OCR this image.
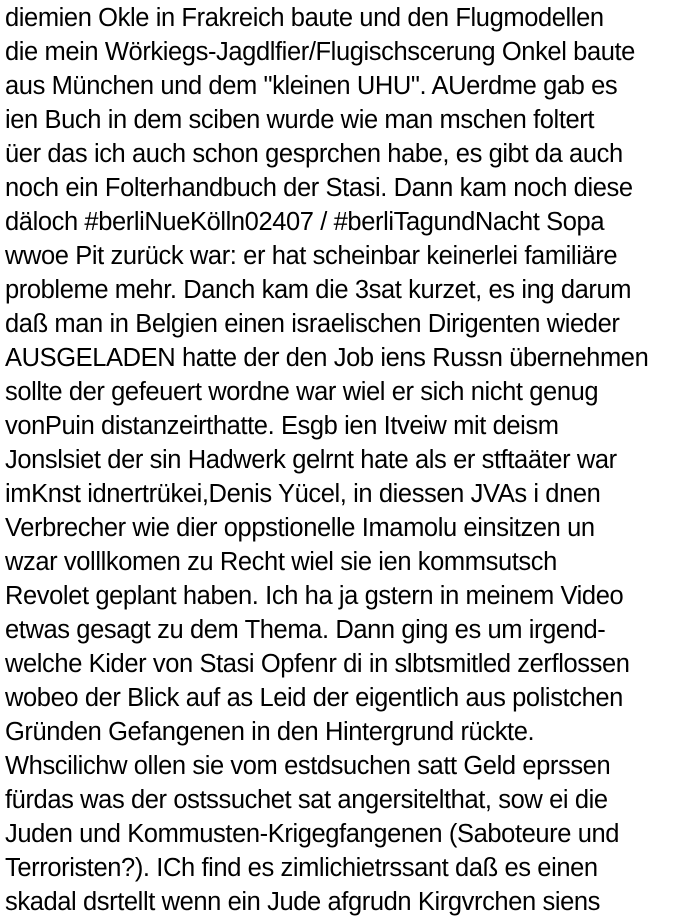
diemien Okle in Frakreich baute und den Flugmodellen
die mein Wörkiegs-Jagdlfier/Flugischscerung Onkel baute
aus München und dem "kleinen UHU". AUerdme gab es
ien Buch in dem sciben wurde wie man mschen foltert
üer das ich auch schon gesprchen habe, es gibt da auch
noch ein Folterhandbuch der Stasi. Dann kam noch diese
däloch #berliNueKölln02407 / #berliTagundNacht Sopa
wwoe Pit zurück war: er hat scheinbar keinerlei familiäre
probleme mehr. Danch kam die 3sat kurzet, es ing darum
daß man in Belgien einen israelischen Dirigenten wieder
AUSGELADEN hatte der den Job iens Russn übernehmen
sollte der gefeuert wordne war wiel er sich nicht genug
vonPuin distanzeirthatte. Esgb ien Itveiw mit deism
Jonslsiet der sin Hadwerk gelrnt hate als er stftaäter war
imKnst idnertrükei,Denis Yücel, in diessen JVAs i dnen
Verbrecher wie dier oppstionelle Imamolu einsitzen un
wzar volllkomen zu Recht wiel sie ien kommsutsch
Revolet geplant haben. Ich ha ja gstern in meinem Video
etwas gesagt zu dem Thema. Dann ging es um irgend-
welche Kider von Stasi Opfenr di in slbtsmitled zerflossen
wobeo der Blick auf as Leid der eigentlich aus polistchen
Gründen Gefangenen in den Hintergrund rückte.
Whscilichw ollen sie vom estdsuchen satt Geld eprssen
fürdas was der ostssuchet sat angersitelthat, sow ei die
Juden und Kommusten-Krigegfangenen (Saboteure und
Terroristen?). ICh find es zimlichietrssant daß es einen
skadal dsrtellt wenn ein Jude afgrudn Kirgvrchen siens
